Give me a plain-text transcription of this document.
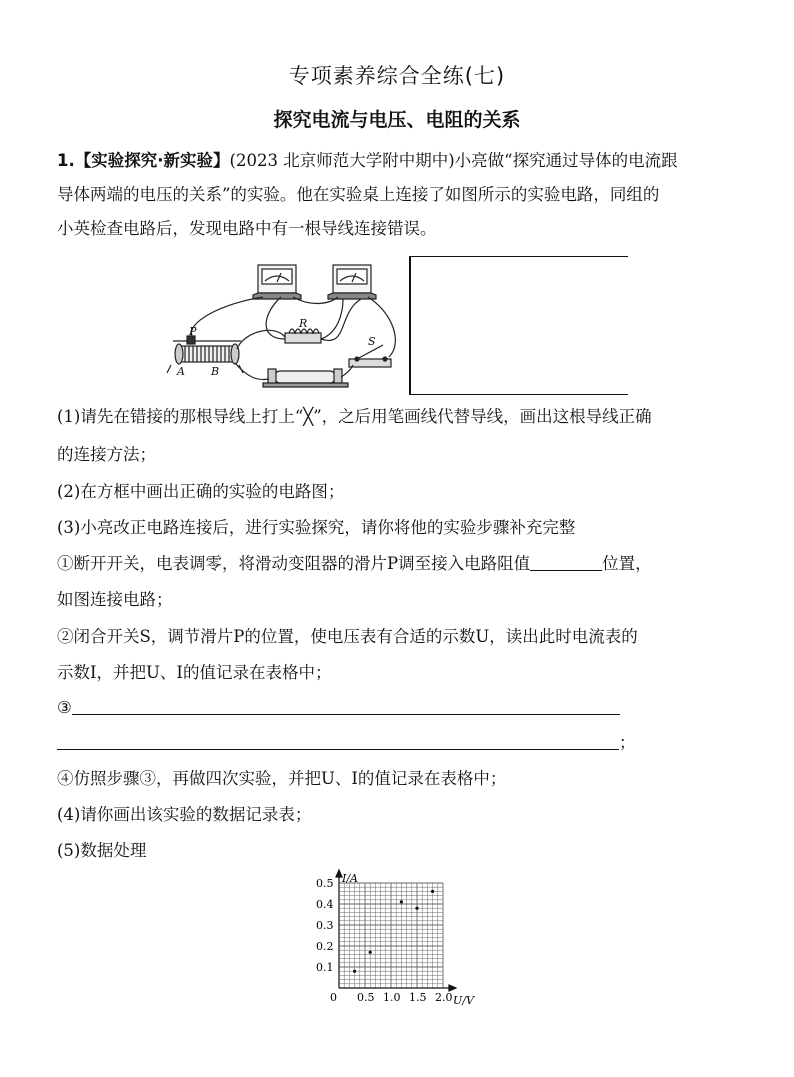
专项素养综合全练(七)
探究电流与电压、电阻的关系
1.【实验探究·新实验】(2023 北京师范大学附中期中)小亮做“探究通过导体的电流跟
导体两端的电压的关系”的实验。他在实验桌上连接了如图所示的实验电路，同组的
小英检查电路后，发现电路中有一根导线连接错误。
P
A B
R
S
(1)请先在错接的那根导线上打上“╳”，之后用笔画线代替导线，画出这根导线正确
的连接方法；
(2)在方框中画出正确的实验的电路图；
(3)小亮改正电路连接后，进行实验探究，请你将他的实验步骤补充完整
①断开开关，电表调零，将滑动变阻器的滑片P调至接入电路阻值	位置，
如图连接电路；
②闭合开关S，调节滑片P的位置，使电压表有合适的示数U，读出此时电流表的
示数I，并把U、I的值记录在表格中；
③
；
④仿照步骤③，再做四次实验，并把U、I的值记录在表格中；
(4)请你画出该实验的数据记录表；
(5)数据处理
I/A
U/V
0 0.5 1.0 1.5 2.0
0.1
0.2
0.3
0.4
0.5
